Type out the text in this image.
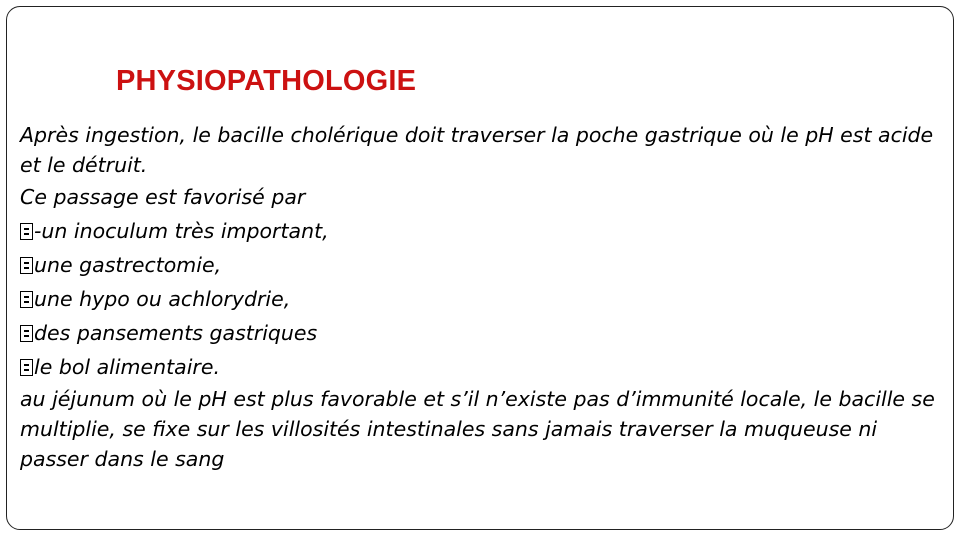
PHYSIOPATHOLOGIE

Après ingestion, le bacille cholérique doit traverser la poche gastrique où le pH est acide et le détruit.

Ce passage est favorisé par

-un inoculum très important,

une gastrectomie,

une hypo ou achlorydrie,

des pansements gastriques

le bol alimentaire.

au jéjunum où le pH est plus favorable et s’il n’existe pas d’immunité locale, le bacille se multiplie, se fixe sur les villosités intestinales sans jamais traverser la muqueuse ni passer dans le sang
